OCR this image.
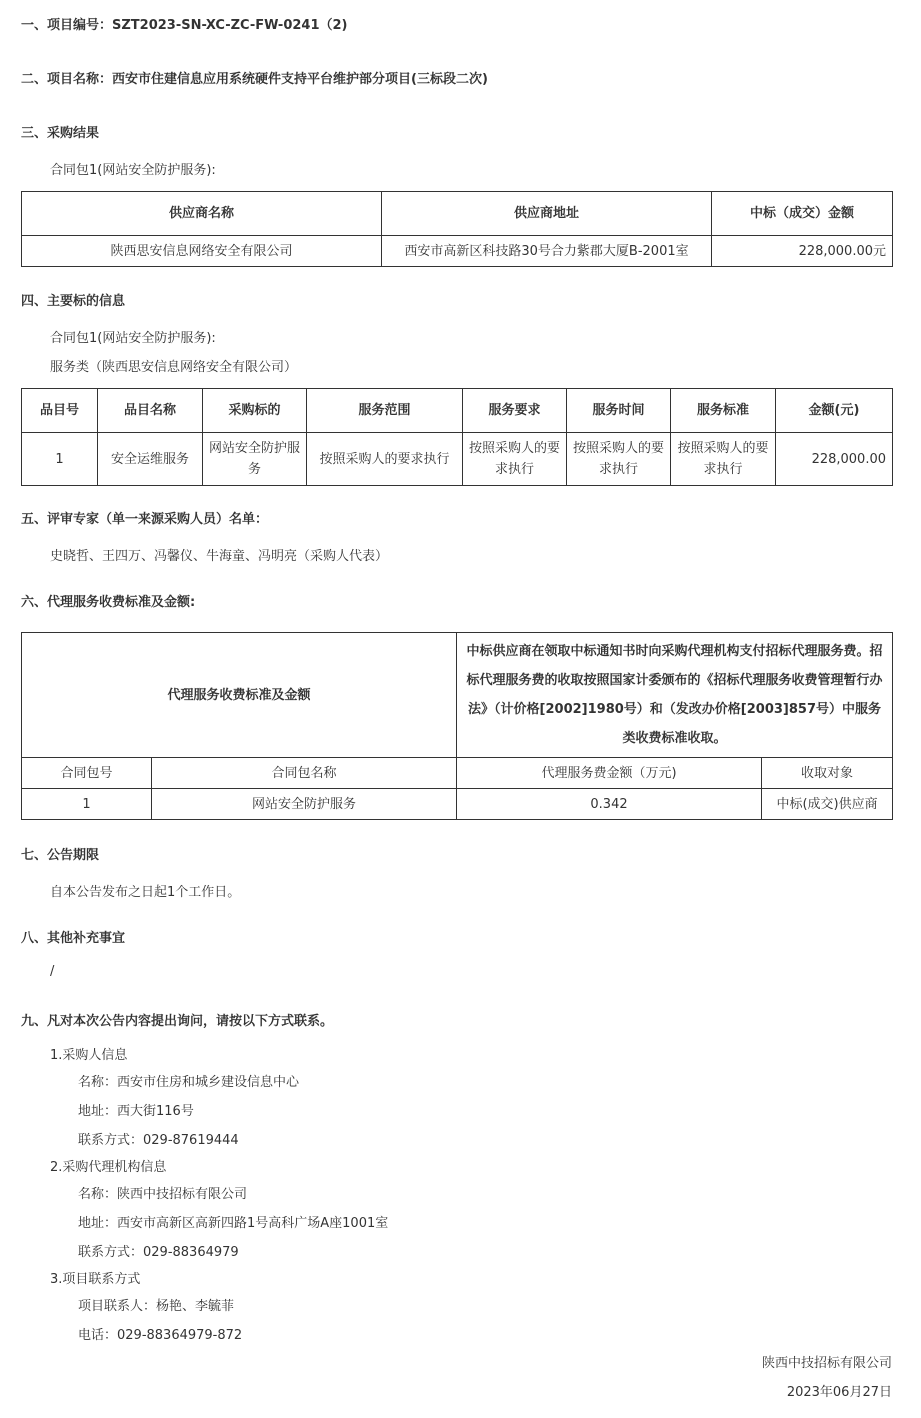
一、项目编号：SZT2023-SN-XC-ZC-FW-0241（2)
二、项目名称：西安市住建信息应用系统硬件支持平台维护部分项目(三标段二次)
三、采购结果
合同包1(网站安全防护服务):
供应商名称	供应商地址	中标（成交）金额
陕西思安信息网络安全有限公司	西安市高新区科技路30号合力紫郡大厦B-2001室	228,000.00元
四、主要标的信息
合同包1(网站安全防护服务):
服务类（陕西思安信息网络安全有限公司）
品目号	品目名称	采购标的	服务范围	服务要求	服务时间	服务标准	金额(元)
1	安全运维服务	网站安全防护服务	按照采购人的要求执行	按照采购人的要求执行	按照采购人的要求执行	按照采购人的要求执行	228,000.00
五、评审专家（单一来源采购人员）名单：
史晓哲、王四万、冯馨仪、牛海童、冯明亮（采购人代表）
六、代理服务收费标准及金额:
代理服务收费标准及金额		中标供应商在领取中标通知书时向采购代理机构支付招标代理服务费。招标代理服务费的收取按照国家计委颁布的《招标代理服务收费管理暂行办法》（计价格[2002]1980号）和（发改办价格[2003]857号）中服务类收费标准收取。	
合同包号	合同包名称	代理服务费金额（万元)	收取对象
1	网站安全防护服务	0.342	中标(成交)供应商
七、公告期限
自本公告发布之日起1个工作日。
八、其他补充事宜
/
九、凡对本次公告内容提出询问，请按以下方式联系。
1.采购人信息
名称：西安市住房和城乡建设信息中心
地址：西大街116号
联系方式：029-87619444
2.采购代理机构信息
名称：陕西中技招标有限公司
地址：西安市高新区高新四路1号高科广场A座1001室
联系方式：029-88364979
3.项目联系方式
项目联系人：杨艳、李毓菲
电话：029-88364979-872
陕西中技招标有限公司
2023年06月27日
